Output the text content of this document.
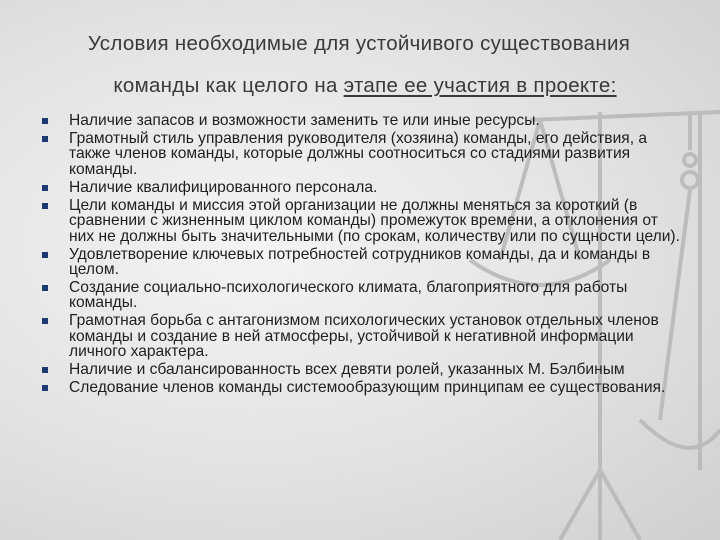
Условия необходимые для устойчивого существования
команды как целого на этапе ее участия в проекте:
Наличие запасов и возможности заменить те или иные ресурсы.
Грамотный стиль управления руководителя (хозяина) команды, его действия, а также членов команды, которые должны соотноситься со стадиями развития команды.
Наличие квалифицированного персонала.
Цели команды и миссия этой организации не должны меняться за короткий (в сравнении с жизненным циклом команды) промежуток времени, а отклонения от них не должны быть значительными (по срокам, количеству или по сущности цели).
Удовлетворение ключевых потребностей сотрудников команды, да и команды в целом.
Создание социально-психологического климата, благоприятного для работы команды.
Грамотная борьба с антагонизмом психологических установок отдельных членов команды и создание в ней атмосферы, устойчивой к негативной информации личного характера.
Наличие и сбалансированность всех девяти ролей, указанных М. Бэлбиным
Следование членов команды системообразующим принципам ее существования.
